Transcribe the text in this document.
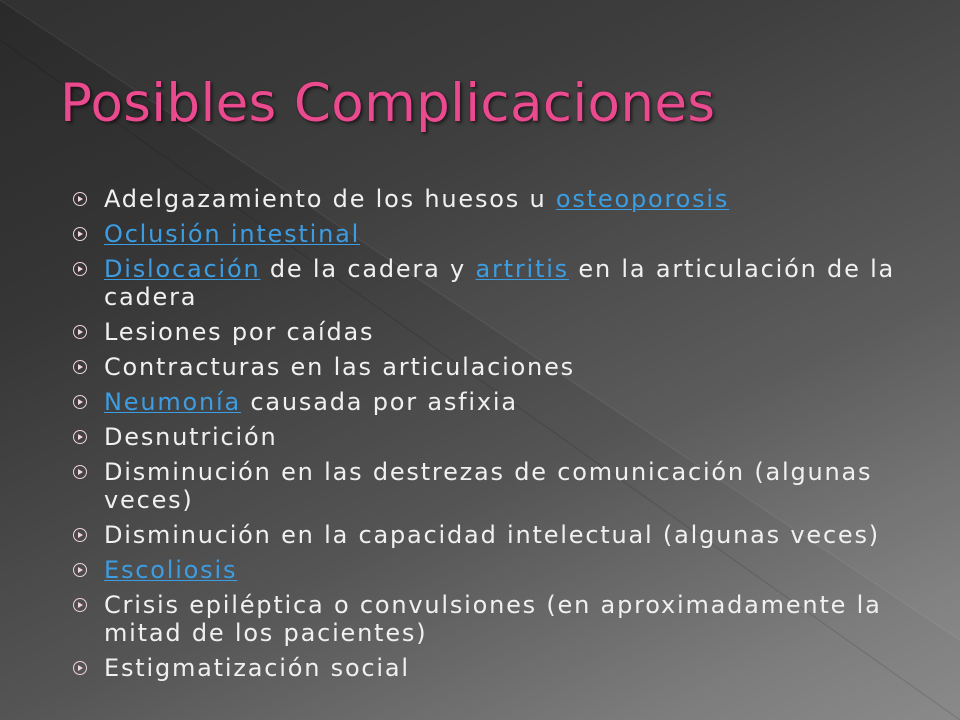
Posibles Complicaciones
Adelgazamiento de los huesos u osteoporosis
Oclusión intestinal
Dislocación de la cadera y artritis en la articulación de la cadera
Lesiones por caídas
Contracturas en las articulaciones
Neumonía causada por asfixia
Desnutrición
Disminución en las destrezas de comunicación (algunas veces)
Disminución en la capacidad intelectual (algunas veces)
Escoliosis
Crisis epiléptica o convulsiones (en aproximadamente la mitad de los pacientes)
Estigmatización social
